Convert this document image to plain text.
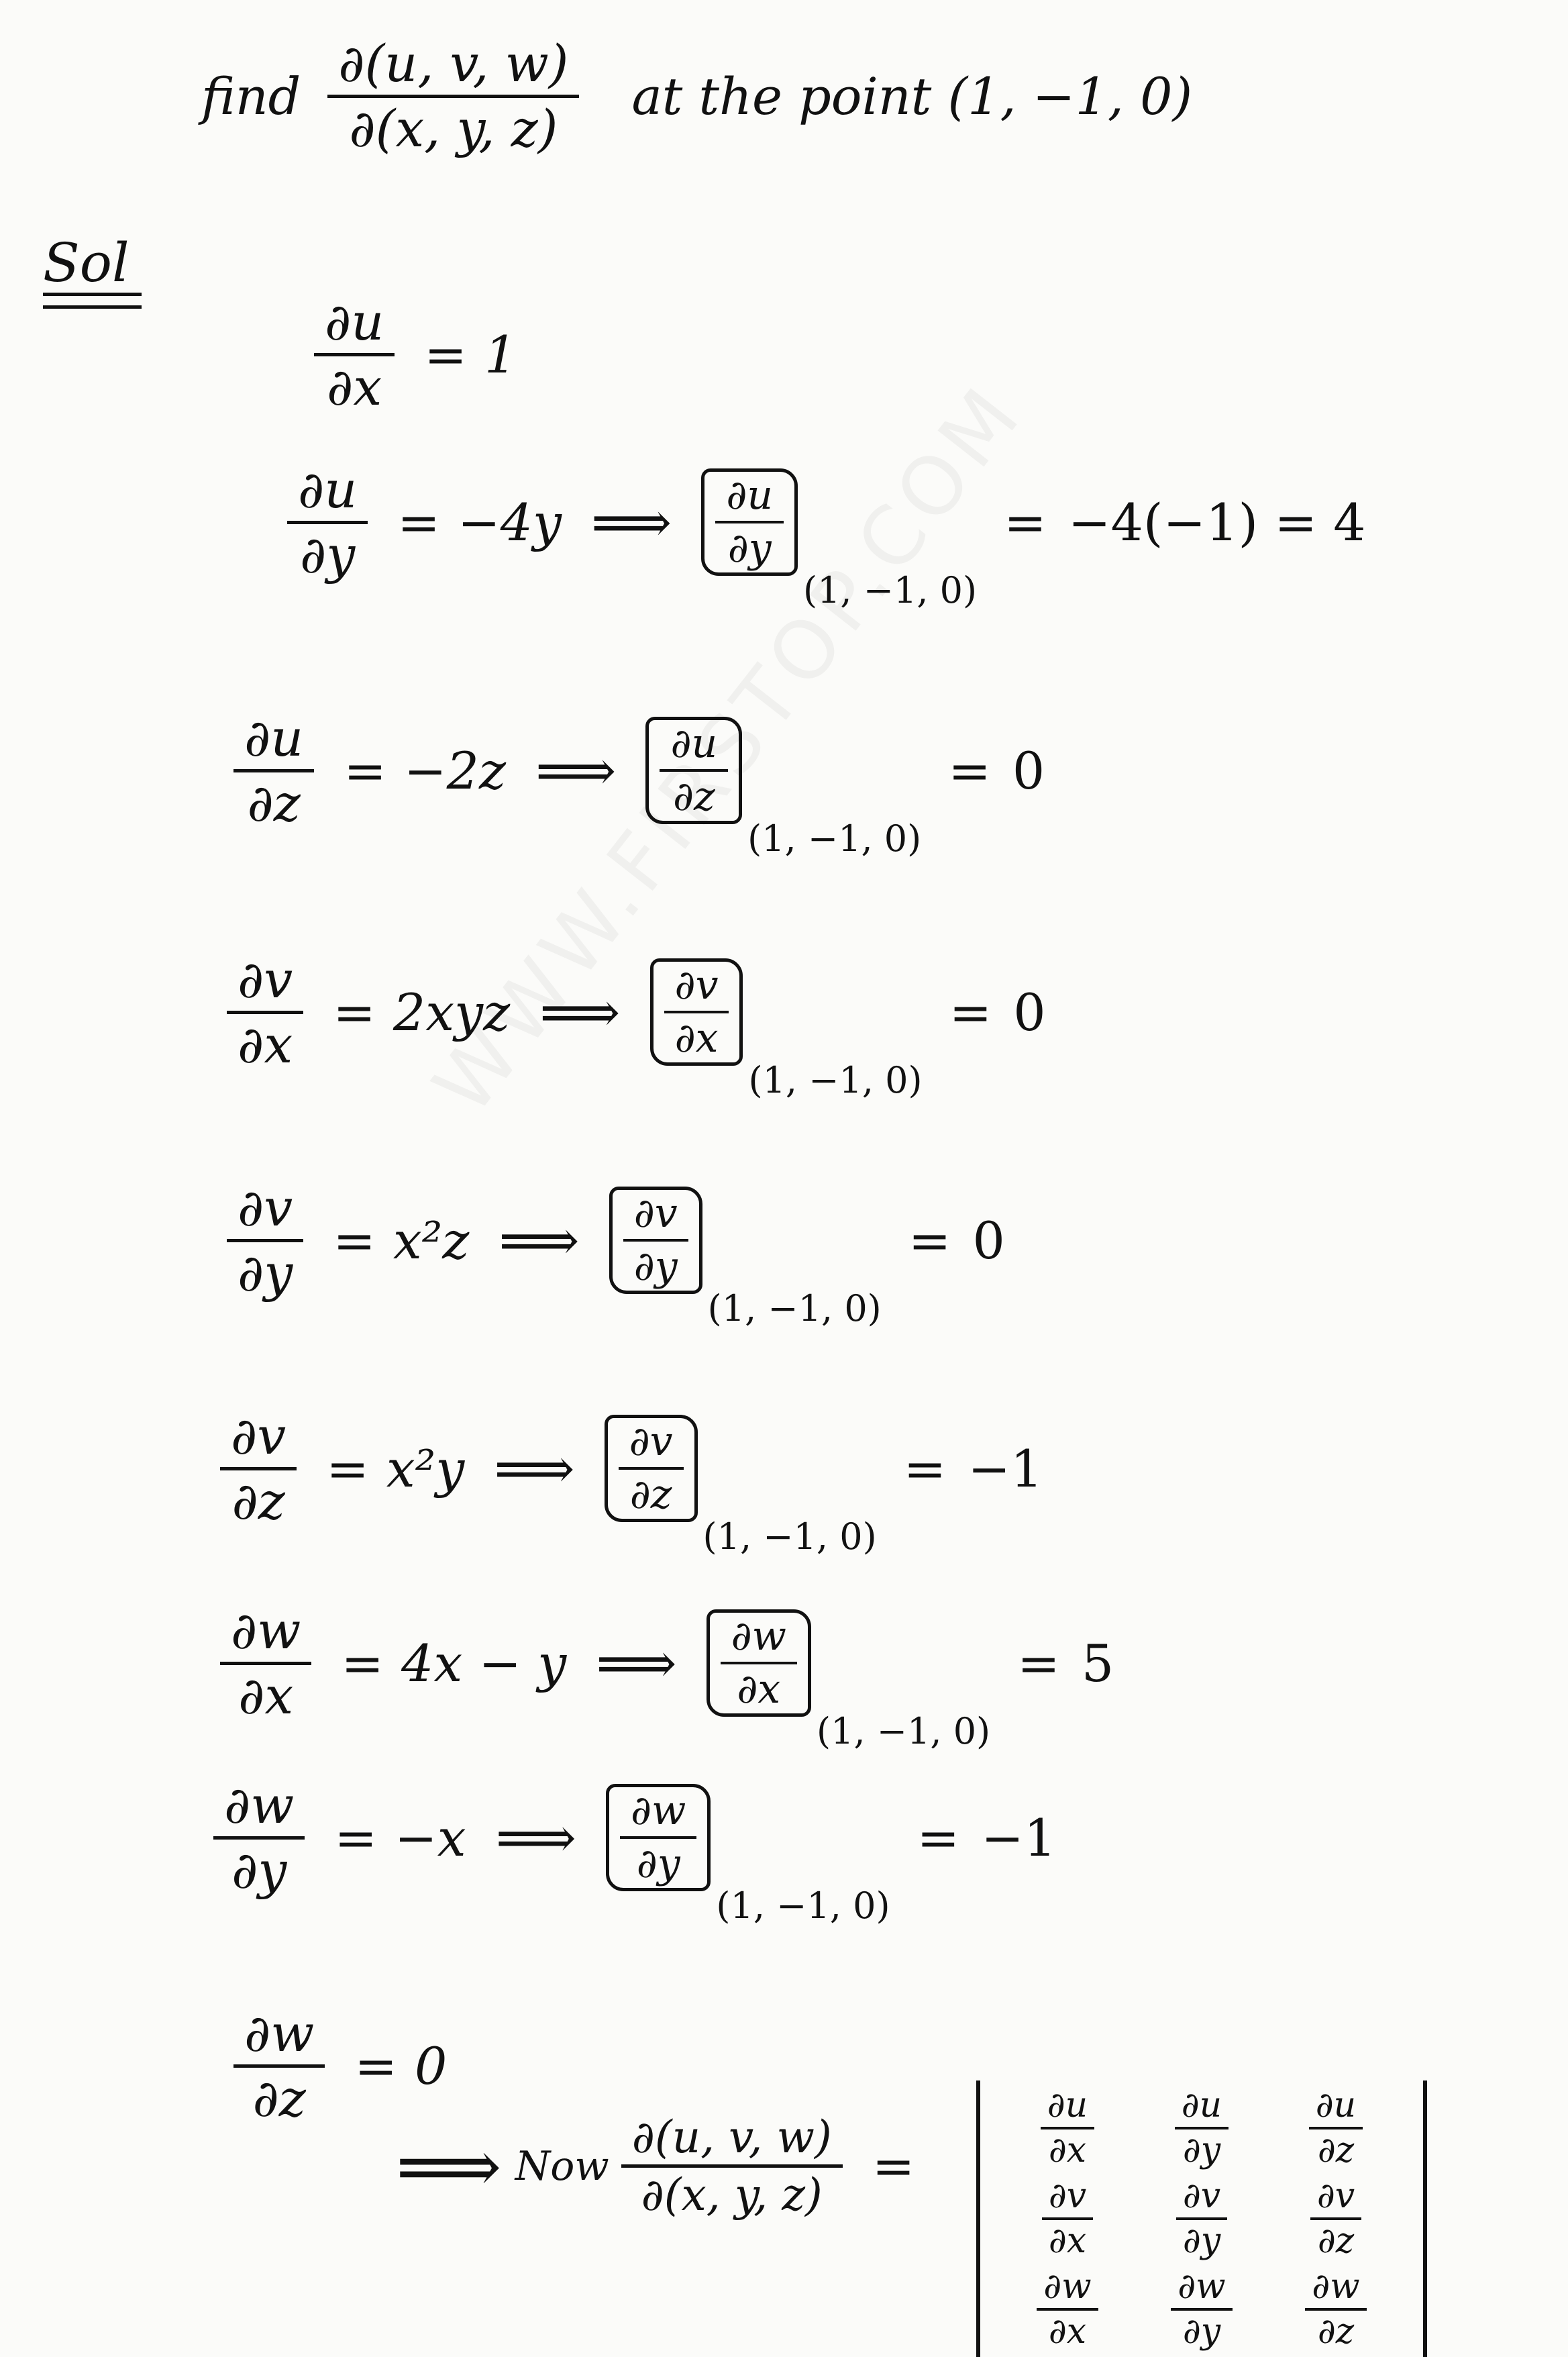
find $\frac{\partial(u, v, w)}{\partial(x, y, z)}$ at the point (1, −1, 0)
Sol
$\frac{\partial u}{\partial x} = 1$
$\frac{\partial u}{\partial y} = -4y$ ⟹ $\frac{\partial u}{\partial y}$
(1, −1, 0)
= −4(−1) = 4
$\frac{\partial u}{\partial z} = -2z$ ⟹ $\frac{\partial u}{\partial z}$
(1, −1, 0)
= 0
$\frac{\partial v}{\partial x} = 2xyz$ ⟹ $\frac{\partial v}{\partial x}$
(1, −1, 0)
= 0
$\frac{\partial v}{\partial y} = x^2z$ ⟹ $\frac{\partial v}{\partial y}$
(1, −1, 0)
= 0
$\frac{\partial v}{\partial z} = x^2y$ ⟹ $\frac{\partial v}{\partial z}$
(1, −1, 0)
= −1
$\frac{\partial w}{\partial x} = 4x - y$ ⟹ $\frac{\partial w}{\partial x}$
(1, −1, 0)
= 5
$\frac{\partial w}{\partial y} = -x$ ⟹ $\frac{\partial w}{\partial y}$
(1, −1, 0)
= −1
$\frac{\partial w}{\partial z} = 0$
⟹ Now $\frac{\partial(u, v, w)}{\partial(x, y, z)} = \frac{\partial u}{\partial x} \frac{\partial u}{\partial y} \frac{\partial u}{\partial z}$
$\frac{\partial v}{\partial x} \frac{\partial v}{\partial y} \frac{\partial v}{\partial z}$
$\frac{\partial w}{\partial x} \frac{\partial w}{\partial y} \frac{\partial w}{\partial z}$
